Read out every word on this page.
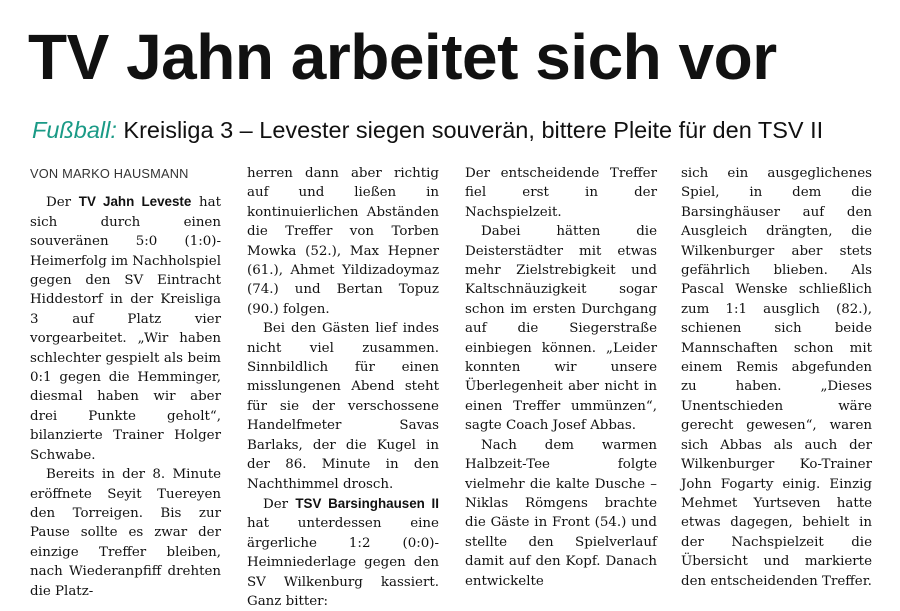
TV Jahn arbeitet sich vor
Fußball: Kreisliga 3 – Levester siegen souverän, bittere Pleite für den TSV II
VON MARKO HAUSMANN

Der TV Jahn Leveste hat sich durch einen souveränen 5:0 (1:0)-Heimerfolg im Nachholspiel gegen den SV Eintracht Hiddestorf in der Kreisliga 3 auf Platz vier vorgearbeitet. „Wir haben schlechter gespielt als beim 0:1 gegen die Hemminger, diesmal haben wir aber drei Punkte geholt“, bilanzierte Trainer Holger Schwabe.

Bereits in der 8. Minute eröffnete Seyit Tuereyen den Torreigen. Bis zur Pause sollte es zwar der einzige Treffer bleiben, nach Wiederanpfiff drehten die Platz-

herren dann aber richtig auf und ließen in kontinuierlichen Abständen die Treffer von Torben Mowka (52.), Max Hepner (61.), Ahmet Yildizadoymaz (74.) und Bertan Topuz (90.) folgen.

Bei den Gästen lief indes nicht viel zusammen. Sinnbildlich für einen misslungenen Abend steht für sie der verschossene Handelfmeter Savas Barlaks, der die Kugel in der 86. Minute in den Nachthimmel drosch.

Der TSV Barsinghausen II hat unterdessen eine ärgerliche 1:2 (0:0)-Heimniederlage gegen den SV Wilkenburg kassiert. Ganz bitter:

Der entscheidende Treffer fiel erst in der Nachspielzeit.

Dabei hätten die Deisterstädter mit etwas mehr Zielstrebigkeit und Kaltschnäuzigkeit sogar schon im ersten Durchgang auf die Siegerstraße einbiegen können. „Leider konnten wir unsere Überlegenheit aber nicht in einen Treffer ummünzen“, sagte Coach Josef Abbas.

Nach dem warmen Halbzeit-Tee folgte vielmehr die kalte Dusche – Niklas Römgens brachte die Gäste in Front (54.) und stellte den Spielverlauf damit auf den Kopf. Danach entwickelte

sich ein ausgeglichenes Spiel, in dem die Barsinghäuser auf den Ausgleich drängten, die Wilkenburger aber stets gefährlich blieben. Als Pascal Wenske schließlich zum 1:1 ausglich (82.), schienen sich beide Mannschaften schon mit einem Remis abgefunden zu haben. „Dieses Unentschieden wäre gerecht gewesen“, waren sich Abbas als auch der Wilkenburger Ko-Trainer John Fogarty einig. Einzig Mehmet Yurtseven hatte etwas dagegen, behielt in der Nachspielzeit die Übersicht und markierte den entscheidenden Treffer.
